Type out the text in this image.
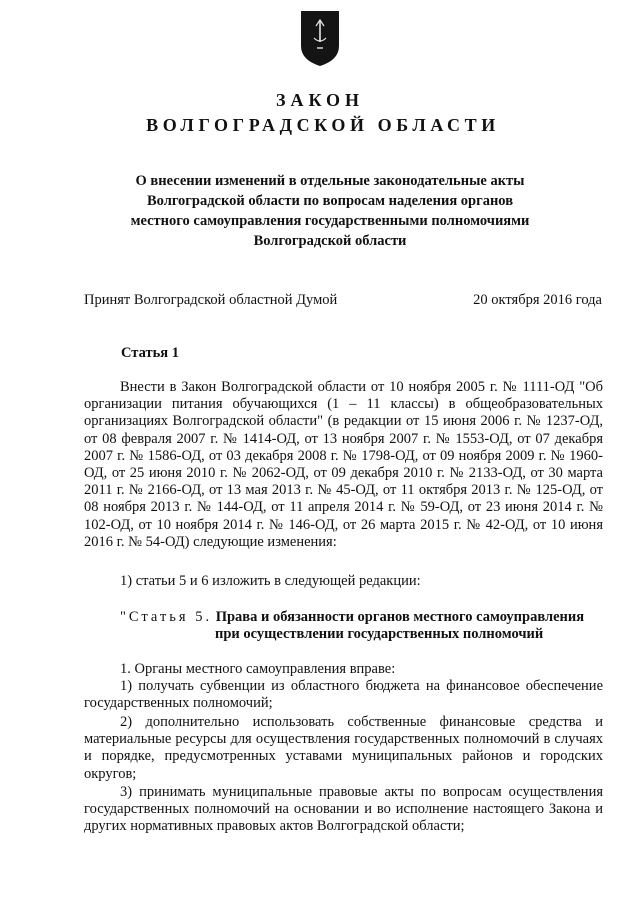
ЗАКОН
ВОЛГОГРАДСКОЙ ОБЛАСТИ
О внесении изменений в отдельные законодательные акты
Волгоградской области по вопросам наделения органов
местного самоуправления государственными полномочиями
Волгоградской области
Принят Волгоградской областной Думой	20 октября 2016 года
Статья 1

Внести в Закон Волгоградской области от 10 ноября 2005 г. № 1111-ОД "Об организации питания обучающихся (1 – 11 классы) в общеобразовательных организациях Волгоградской области" (в редакции от 15 июня 2006 г. № 1237-ОД, от 08 февраля 2007 г. № 1414-ОД, от 13 ноября 2007 г. № 1553-ОД, от 07 декабря 2007 г. № 1586-ОД, от 03 декабря 2008 г. № 1798-ОД, от 09 ноября 2009 г. № 1960-ОД, от 25 июня 2010 г. № 2062-ОД, от 09 декабря 2010 г. № 2133-ОД, от 30 марта 2011 г. № 2166-ОД, от 13 мая 2013 г. № 45-ОД, от 11 октября 2013 г. № 125-ОД, от 08 ноября 2013 г. № 144-ОД, от 11 апреля 2014 г. № 59-ОД, от 23 июня 2014 г. № 102-ОД, от 10 ноября 2014 г. № 146-ОД, от 26 марта 2015 г. № 42-ОД, от 10 июня 2016 г. № 54-ОД) следующие изменения:

1) статьи 5 и 6 изложить в следующей редакции:

"Статья 5. Права и обязанности органов местного самоуправления
при осуществлении государственных полномочий

1. Органы местного самоуправления вправе:

1) получать субвенции из областного бюджета на финансовое обеспечение государственных полномочий;

2) дополнительно использовать собственные финансовые средства и материальные ресурсы для осуществления государственных полномочий в случаях и порядке, предусмотренных уставами муниципальных районов и городских округов;

3) принимать муниципальные правовые акты по вопросам осуществления государственных полномочий на основании и во исполнение настоящего Закона и других нормативных правовых актов Волгоградской области;
